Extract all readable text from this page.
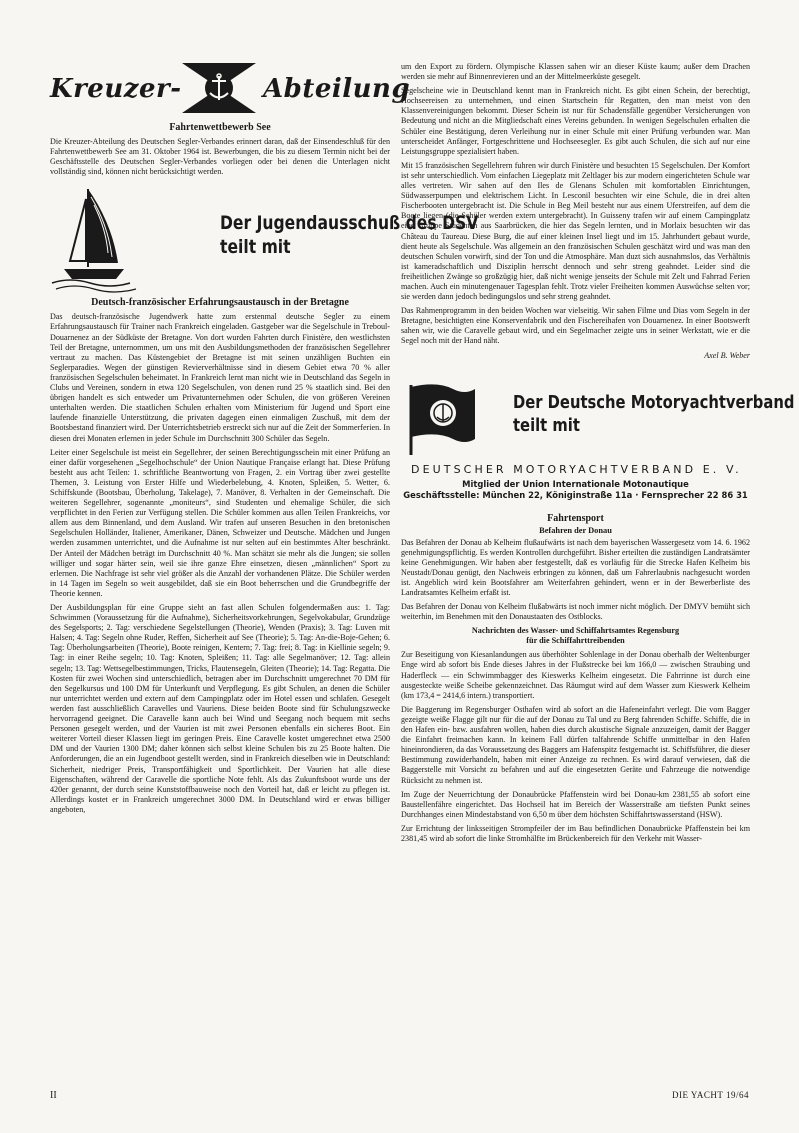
Kreuzer-	Abteilung
Fahrtenwettbewerb See

Die Kreuzer-Abteilung des Deutschen Segler-Verbandes erinnert daran, daß der Einsendeschluß für den Fahrtenwettbewerb See am 31. Oktober 1964 ist. Bewerbungen, die bis zu diesem Termin nicht bei der Geschäftsstelle des Deutschen Segler-Verbandes vorliegen oder bei denen die Unterlagen nicht vollständig sind, können nicht berücksichtigt werden.

Der Jugendausschuß des DSV
teilt mit
Deutsch-französischer Erfahrungsaustausch in der Bretagne

Das deutsch-französische Jugendwerk hatte zum erstenmal deutsche Segler zu einem Erfahrungsaustausch für Trainer nach Frankreich eingeladen. Gastgeber war die Segelschule in Treboul-Douarnenez an der Südküste der Bretagne. Von dort wurden Fahrten durch Finistère, den westlichsten Teil der Bretagne, unternommen, um uns mit den Ausbildungsmethoden der französischen Segellehrer vertraut zu machen. Das Küstengebiet der Bretagne ist mit seinen unzähligen Buchten ein Seglerparadies. Wegen der günstigen Revierverhältnisse sind in diesem Gebiet etwa 70 % aller französischen Segelschulen beheimatet. In Frankreich lernt man nicht wie in Deutschland das Segeln in Clubs und Vereinen, sondern in etwa 120 Segelschulen, von denen rund 25 % staatlich sind. Bei den übrigen handelt es sich entweder um Privatunternehmen oder Schulen, die von größeren Vereinen unterhalten werden. Die staatlichen Schulen erhalten vom Ministerium für Jugend und Sport eine laufende finanzielle Unterstützung, die privaten dagegen einen einmaligen Zuschuß, mit dem der Bootsbestand finanziert wird. Der Unterrichtsbetrieb erstreckt sich nur auf die Zeit der Sommerferien. In diesen drei Monaten erlernen in jeder Schule im Durchschnitt 300 Schüler das Segeln.

Leiter einer Segelschule ist meist ein Segellehrer, der seinen Berechtigungsschein mit einer Prüfung an einer dafür vorgesehenen „Segelhochschule“ der Union Nautique Française erlangt hat. Diese Prüfung besteht aus acht Teilen: 1. schriftliche Beantwortung von Fragen, 2. ein Vortrag über zwei gestellte Themen, 3. Leistung von Erster Hilfe und Wiederbelebung, 4. Knoten, Spleißen, 5. Wetter, 6. Schiffskunde (Bootsbau, Überholung, Takelage), 7. Manöver, 8. Verhalten in der Gemeinschaft. Die weiteren Segellehrer, sogenannte „moniteurs“, sind Studenten und ehemalige Schüler, die sich verpflichtet in den Ferien zur Verfügung stellen. Die Schüler kommen aus allen Teilen Frankreichs, vor allem aus dem Binnenland, und dem Ausland. Wir trafen auf unseren Besuchen in den bretonischen Segelschulen Holländer, Italiener, Amerikaner, Dänen, Schweizer und Deutsche. Mädchen und Jungen werden zusammen unterrichtet, und die Aufnahme ist nur selten auf ein bestimmtes Alter beschränkt. Der Anteil der Mädchen beträgt im Durchschnitt 40 %. Man schätzt sie mehr als die Jungen; sie sollen williger und sogar härter sein, weil sie ihre ganze Ehre einsetzen, diesen „männlichen“ Sport zu erlernen. Die Nachfrage ist sehr viel größer als die Anzahl der vorhandenen Plätze. Die Schüler werden in 14 Tagen im Segeln so weit ausgebildet, daß sie ein Boot beherrschen und die Grundbegriffe der Theorie kennen.

Der Ausbildungsplan für eine Gruppe sieht an fast allen Schulen folgendermaßen aus: 1. Tag: Schwimmen (Voraussetzung für die Aufnahme), Sicherheitsvorkehrungen, Segelvokabular, Grundzüge des Segelsports; 2. Tag: verschiedene Segelstellungen (Theorie), Wenden (Praxis); 3. Tag: Luven mit Halsen; 4. Tag: Segeln ohne Ruder, Reffen, Sicherheit auf See (Theorie); 5. Tag: An-die-Boje-Gehen; 6. Tag: Überholungsarbeiten (Theorie), Boote reinigen, Kentern; 7. Tag: frei; 8. Tag: in Kiellinie segeln; 9. Tag: in einer Reihe segeln; 10. Tag: Knoten, Spleißen; 11. Tag: alle Segelmanöver; 12. Tag: allein segeln; 13. Tag: Wettsegelbestimmungen, Tricks, Flautensegeln, Gleiten (Theorie); 14. Tag: Regatta. Die Kosten für zwei Wochen sind unterschiedlich, betragen aber im Durchschnitt umgerechnet 70 DM für den Segelkursus und 100 DM für Unterkunft und Verpflegung. Es gibt Schulen, an denen die Schüler nur unterrichtet werden und extern auf dem Campingplatz oder im Hotel essen und schlafen. Gesegelt werden fast ausschließlich Caravelles und Vauriens. Diese beiden Boote sind für Schulungszwecke hervorragend geeignet. Die Caravelle kann auch bei Wind und Seegang noch bequem mit sechs Personen gesegelt werden, und der Vaurien ist mit zwei Personen ebenfalls ein sicheres Boot. Ein weiterer Vorteil dieser Klassen liegt im geringen Preis. Eine Caravelle kostet umgerechnet etwa 2500 DM und der Vaurien 1300 DM; daher können sich selbst kleine Schulen bis zu 25 Boote halten. Die Anforderungen, die an ein Jugendboot gestellt werden, sind in Frankreich dieselben wie in Deutschland: Sicherheit, niedriger Preis, Transportfähigkeit und Sportlichkeit. Der Vaurien hat alle diese Eigenschaften, während der Caravelle die sportliche Note fehlt. Als das Zukunftsboot wurde uns der 420er genannt, der durch seine Kunststoffbauweise noch den Vorteil hat, daß er leicht zu pflegen ist. Allerdings kostet er in Frankreich umgerechnet 3000 DM. In Deutschland wird er etwas billiger angeboten,

um den Export zu fördern. Olympische Klassen sahen wir an dieser Küste kaum; außer dem Drachen werden sie mehr auf Binnenrevieren und an der Mittelmeerküste gesegelt.

Segelscheine wie in Deutschland kennt man in Frankreich nicht. Es gibt einen Schein, der berechtigt, Hochseereisen zu unternehmen, und einen Startschein für Regatten, den man meist von den Klassenvereinigungen bekommt. Dieser Schein ist nur für Schadensfälle gegenüber Versicherungen von Bedeutung und nicht an die Mitgliedschaft eines Vereins gebunden. In wenigen Segelschulen erhalten die Schüler eine Bestätigung, deren Verleihung nur in einer Schule mit einer Prüfung verbunden war. Man unterscheidet Anfänger, Fortgeschrittene und Hochseesegler. Es gibt auch Schulen, die sich auf nur eine Leistungsgruppe spezialisiert haben.

Mit 15 französischen Segellehrern fuhren wir durch Finistère und besuchten 15 Segelschulen. Der Komfort ist sehr unterschiedlich. Vom einfachen Liegeplatz mit Zeltlager bis zur modern eingerichteten Schule war alles vertreten. Wir sahen auf den Iles de Glenans Schulen mit komfortablen Einrichtungen, Südwasserpumpen und elektrischem Licht. In Lesconil besuchten wir eine Schule, die in drei alten Fischerbooten untergebracht ist. Die Schule in Beg Meil besteht nur aus einem Uferstreifen, auf dem die Boote liegen (die Schüler werden extern untergebracht). In Guisseny trafen wir auf einem Campingplatz eine Gruppe Studenten aus Saarbrücken, die hier das Segeln lernten, und in Morlaix besuchten wir das Château du Taureau. Diese Burg, die auf einer kleinen Insel liegt und im 15. Jahrhundert gebaut wurde, dient heute als Segelschule. Was allgemein an den französischen Schulen geschätzt wird und was man den deutschen Schulen vorwirft, sind der Ton und die Atmosphäre. Man duzt sich ausnahmslos, das Verhältnis ist kameradschaftlich und Disziplin herrscht dennoch und sehr streng geahndet. Leider sind die freiheitlichen Zwänge so großzügig hier, daß nicht wenige jenseits der Schule mit Zelt und Fahrrad Ferien machen. Auch ein minutengenauer Tagesplan fehlt. Trotz vieler Freiheiten kommen Auswüchse selten vor; sie werden dann jedoch bedingungslos und sehr streng geahndet.

Das Rahmenprogramm in den beiden Wochen war vielseitig. Wir sahen Filme und Dias vom Segeln in der Bretagne, besichtigten eine Konservenfabrik und den Fischereihafen von Douarnenez. In einer Bootswerft sahen wir, wie die Caravelle gebaut wird, und ein Segelmacher zeigte uns in seiner Werkstatt, wie er die Segel noch mit der Hand näht.

Axel B. Weber

Der Deutsche Motoryachtverband
teilt mit
DEUTSCHER MOTORYACHTVERBAND E. V.
Mitglied der Union Internationale Motonautique
Geschäftsstelle: München 22, Königinstraße 11a · Fernsprecher 22 86 31
Fahrtensport
Befahren der Donau

Das Befahren der Donau ab Kelheim flußaufwärts ist nach dem bayerischen Wassergesetz vom 14. 6. 1962 genehmigungspflichtig. Es werden Kontrollen durchgeführt. Bisher erteilten die zuständigen Landratsämter keine Genehmigungen. Wir haben aber festgestellt, daß es vorläufig für die Strecke Hafen Kelheim bis Neustadt/Donau genügt, den Nachweis erbringen zu können, daß um Fahrerlaubnis nachgesucht worden ist. Angeblich wird kein Bootsfahrer am Weiterfahren gehindert, wenn er in der Bewerberliste des Landratsamtes Kelheim erfaßt ist.

Das Befahren der Donau von Kelheim flußabwärts ist noch immer nicht möglich. Der DMYV bemüht sich weiterhin, im Benehmen mit den Donaustaaten des Ostblocks.

Nachrichten des Wasser- und Schiffahrtsamtes Regensburg
für die Schiffahrttreibenden

Zur Beseitigung von Kiesanlandungen aus überhöhter Sohlenlage in der Donau oberhalb der Weltenburger Enge wird ab sofort bis Ende dieses Jahres in der Flußstrecke bei km 166,0 — zwischen Straubing und Haderfleck — ein Schwimmbagger des Kieswerks Kelheim eingesetzt. Die Fahrrinne ist durch eine ausgesteckte weiße Scheibe gekennzeichnet. Das Räumgut wird auf dem Wasser zum Kieswerk Kelheim (km 173,4 = 2414,6 intern.) transportiert.

Die Baggerung im Regensburger Osthafen wird ab sofort an die Hafeneinfahrt verlegt. Die vom Bagger gezeigte weiße Flagge gilt nur für die auf der Donau zu Tal und zu Berg fahrenden Schiffe. Schiffe, die in den Hafen ein- bzw. ausfahren wollen, haben dies durch akustische Signale anzuzeigen, damit der Bagger die Einfahrt freimachen kann. In keinem Fall dürfen talfahrende Schiffe unmittelbar in den Hafen hineinrondieren, da das Voraussetzung des Baggers am Hafenspitz festgemacht ist. Schiffsführer, die dieser Bestimmung zuwiderhandeln, haben mit einer Anzeige zu rechnen. Es wird darauf verwiesen, daß die Baggerstelle mit Vorsicht zu befahren und auf die eingesetzten Geräte und Fahrzeuge die notwendige Rücksicht zu nehmen ist.

Im Zuge der Neuerrichtung der Donaubrücke Pfaffenstein wird bei Donau-km 2381,55 ab sofort eine Baustellenfähre eingerichtet. Das Hochseil hat im Bereich der Wasserstraße am tiefsten Punkt seines Durchhanges einen Mindestabstand von 6,50 m über dem höchsten Schiffahrtswasserstand (HSW).

Zur Errichtung der linksseitigen Strompfeiler der im Bau befindlichen Donaubrücke Pfaffenstein bei km 2381,45 wird ab sofort die linke Stromhälfte im Brückenbereich für den Verkehr mit Wasser-

II	DIE YACHT 19/64
